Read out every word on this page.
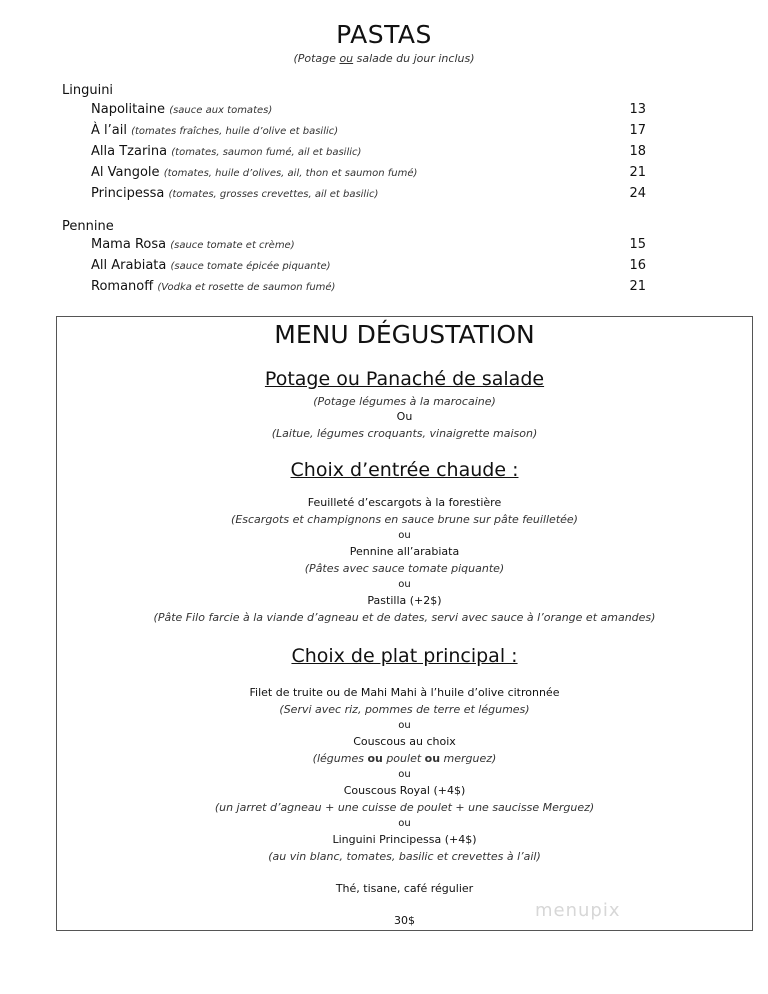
PASTAS
(Potage ou salade du jour inclus)
Linguini
Napolitaine (sauce aux tomates)	13
À l’ail (tomates fraîches, huile d’olive et basilic)	17
Alla Tzarina (tomates, saumon fumé, ail et basilic)	18
Al Vangole (tomates, huile d’olives, ail, thon et saumon fumé)	21
Principessa (tomates, grosses crevettes, ail et basilic)	24
Pennine
Mama Rosa (sauce tomate et crème)	15
All Arabiata (sauce tomate épicée piquante)	16
Romanoff (Vodka et rosette de saumon fumé)	21
MENU DÉGUSTATION
Potage ou Panaché de salade
(Potage légumes à la marocaine)
Ou
(Laitue, légumes croquants, vinaigrette maison)
Choix d’entrée chaude :
Feuilleté d’escargots à la forestière
(Escargots et champignons en sauce brune sur pâte feuilletée)
ou
Pennine all’arabiata
(Pâtes avec sauce tomate piquante)
ou
Pastilla (+2$)
(Pâte Filo farcie à la viande d’agneau et de dates, servi avec sauce à l’orange et amandes)
Choix de plat principal :
Filet de truite ou de Mahi Mahi à l’huile d’olive citronnée
(Servi avec riz, pommes de terre et légumes)
ou
Couscous au choix
(légumes ou poulet ou merguez)
ou
Couscous Royal (+4$)
(un jarret d’agneau + une cuisse de poulet + une saucisse Merguez)
ou
Linguini Principessa (+4$)
(au vin blanc, tomates, basilic et crevettes à l’ail)
Thé, tisane, café régulier
30$	menupix
